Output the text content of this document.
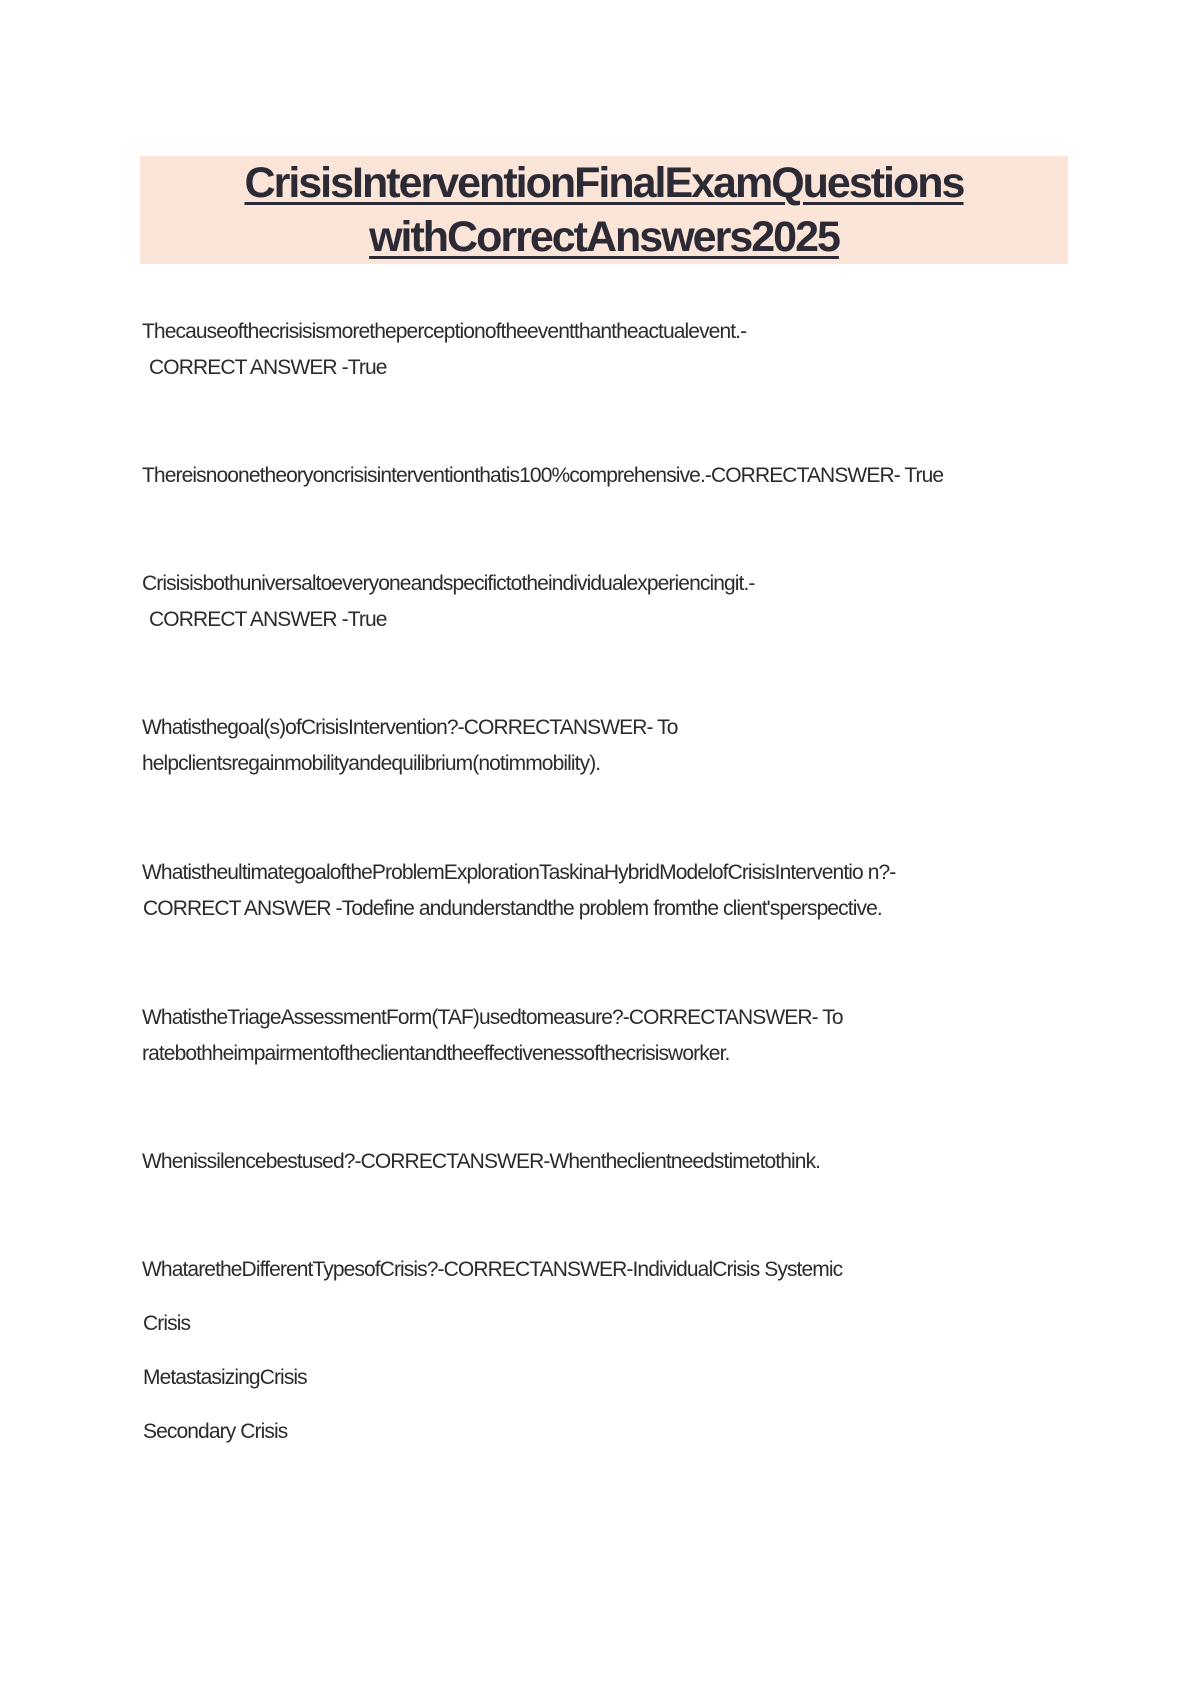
CrisisInterventionFinalExamQuestions
withCorrectAnswers2025
Thecauseofthecrisisismoretheperceptionoftheeventthantheactualevent.-
CORRECT ANSWER -True
Thereisnoonetheoryoncrisisinterventionthatis100%comprehensive.-CORRECTANSWER- True
Crisisisbothuniversaltoeveryoneandspecifictotheindividualexperiencingit.-
CORRECT ANSWER -True
Whatisthegoal(s)ofCrisisIntervention?-CORRECTANSWER- To
helpclientsregainmobilityandequilibrium(notimmobility).
WhatistheultimategoaloftheProblemExplorationTaskinaHybridModelofCrisisInterventio n?-
CORRECT ANSWER -Todefine andunderstandthe problem fromthe client'sperspective.
WhatistheTriageAssessmentForm(TAF)usedtomeasure?-CORRECTANSWER- To
ratebothheimpairmentoftheclientandtheeffectivenessofthecrisisworker.
Whenissilencebestused?-CORRECTANSWER-Whentheclientneedstimetothink.
WhataretheDifferentTypesofCrisis?-CORRECTANSWER-IndividualCrisis Systemic
Crisis
MetastasizingCrisis
Secondary Crisis
